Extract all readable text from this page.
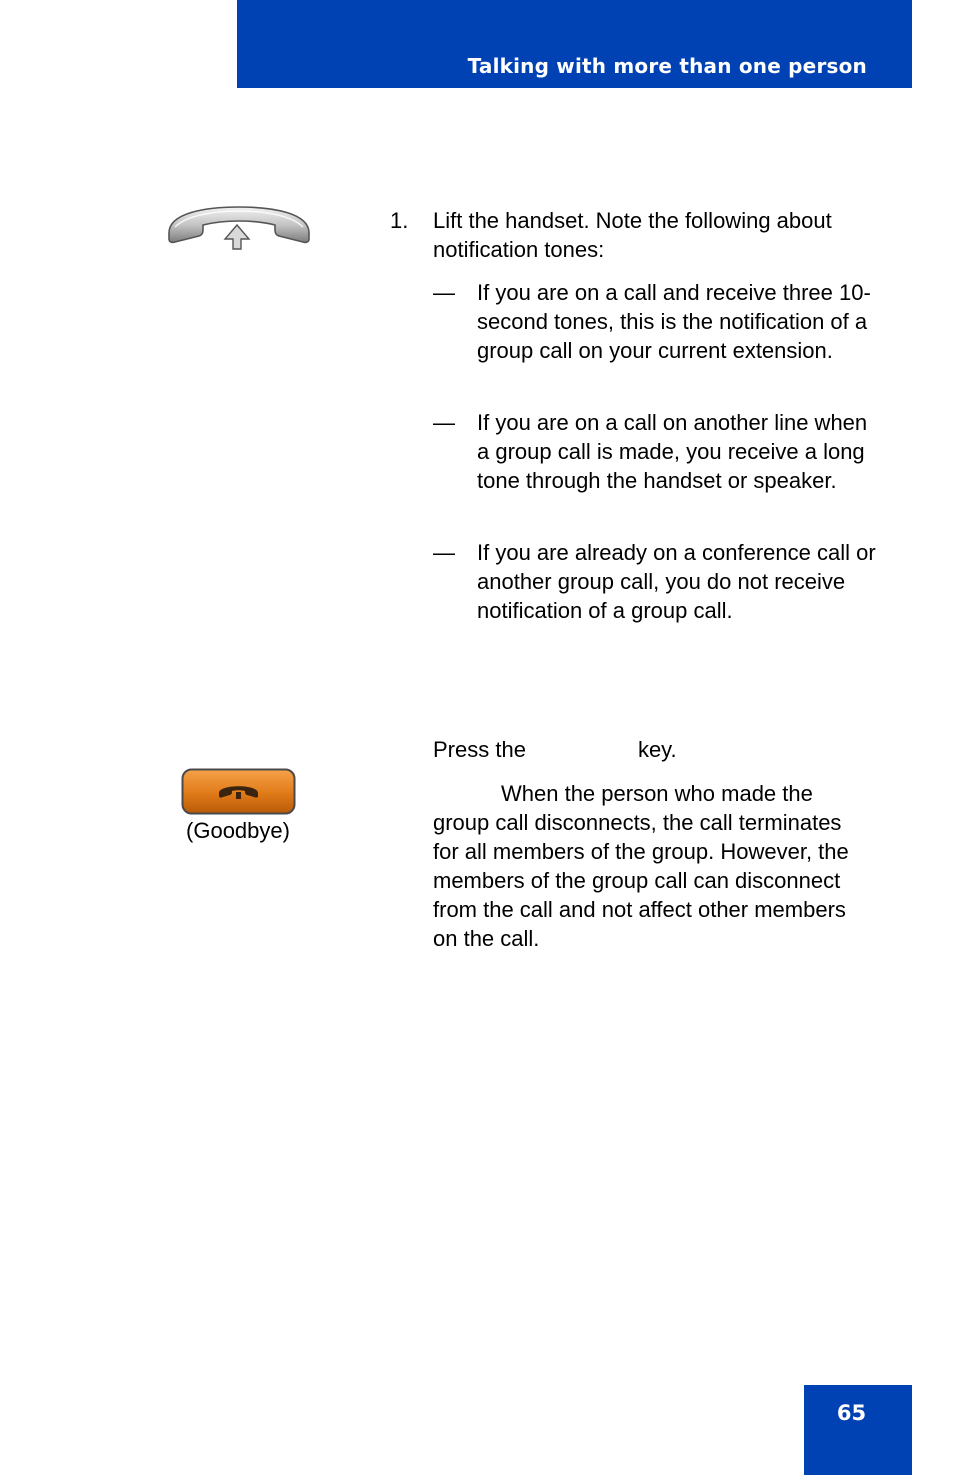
Talking with more than one person
1. Lift the handset. Note the following about notification tones:

— If you are on a call and receive three 10-second tones, this is the notification of a group call on your current extension.

— If you are on a call on another line when a group call is made, you receive a long tone through the handset or speaker.

— If you are already on a conference call or another group call, you do not receive notification of a group call.

(Goodbye)

Press the	key.

When the person who made the group call disconnects, the call terminates for all members of the group. However, the members of the group call can disconnect from the call and not affect other members on the call.

65
